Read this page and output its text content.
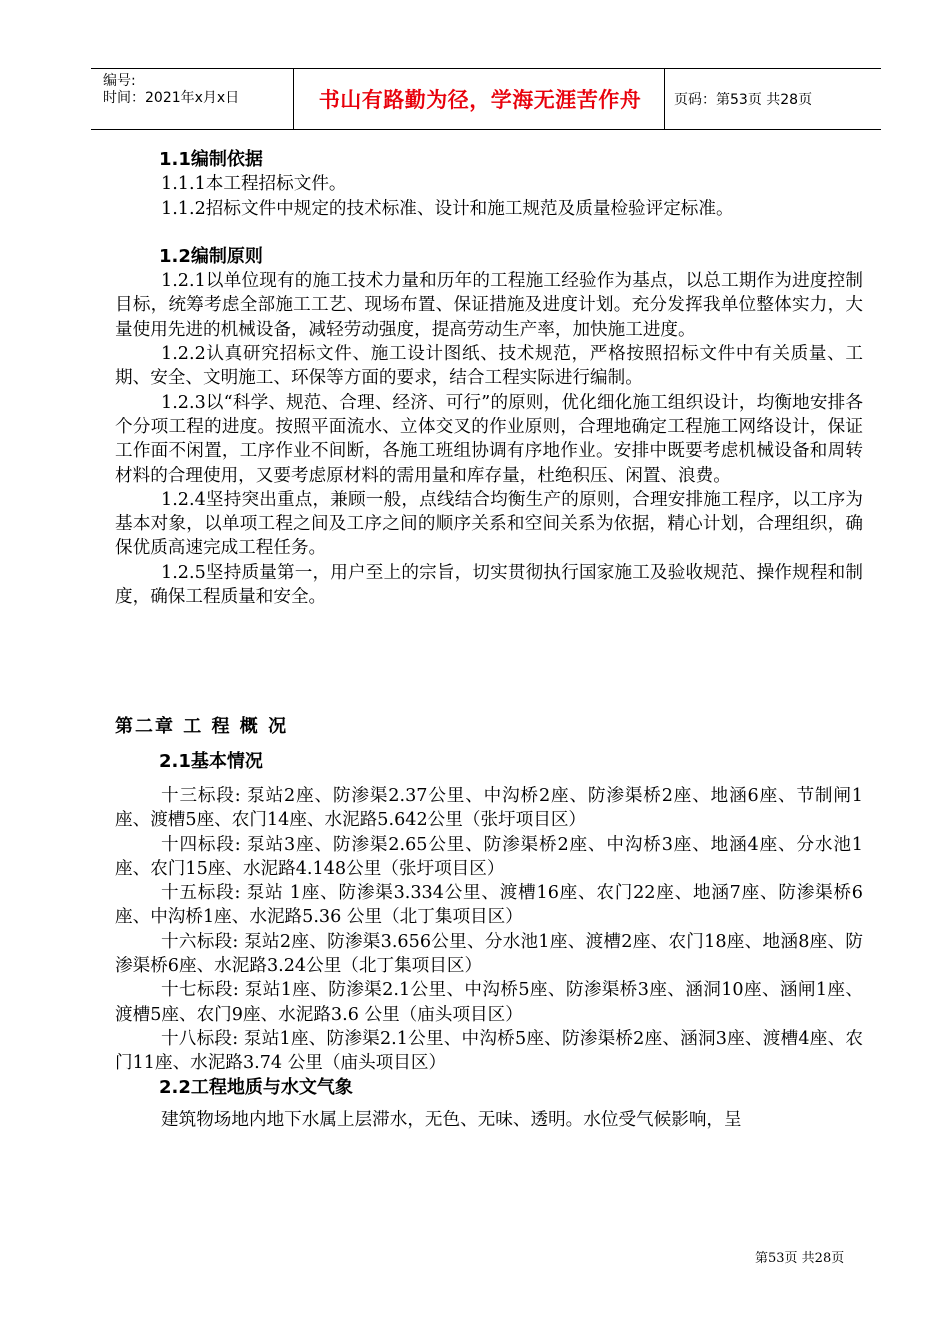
编号:
时间：2021年x月x日	书山有路勤为径，学海无涯苦作舟	页码：第53页 共28页

1.1编制依据

1.1.1本工程招标文件。

1.1.2招标文件中规定的技术标准、设计和施工规范及质量检验评定标准。

1.2编制原则

1.2.1以单位现有的施工技术力量和历年的工程施工经验作为基点，以总工期作为进度控制目标，统筹考虑全部施工工艺、现场布置、保证措施及进度计划。充分发挥我单位整体实力，大量使用先进的机械设备，减轻劳动强度，提高劳动生产率，加快施工进度。

1.2.2认真研究招标文件、施工设计图纸、技术规范，严格按照招标文件中有关质量、工期、安全、文明施工、环保等方面的要求，结合工程实际进行编制。

1.2.3以“科学、规范、合理、经济、可行”的原则，优化细化施工组织设计，均衡地安排各个分项工程的进度。按照平面流水、立体交叉的作业原则，合理地确定工程施工网络设计，保证工作面不闲置，工序作业不间断，各施工班组协调有序地作业。安排中既要考虑机械设备和周转材料的合理使用，又要考虑原材料的需用量和库存量，杜绝积压、闲置、浪费。

1.2.4坚持突出重点，兼顾一般，点线结合均衡生产的原则，合理安排施工程序，以工序为基本对象，以单项工程之间及工序之间的顺序关系和空间关系为依据，精心计划，合理组织，确保优质高速完成工程任务。

1.2.5坚持质量第一，用户至上的宗旨，切实贯彻执行国家施工及验收规范、操作规程和制度，确保工程质量和安全。

第二章 工 程 概 况

2.1基本情况

十三标段: 泵站2座、防渗渠2.37公里、中沟桥2座、防渗渠桥2座、地涵6座、节制闸1座、渡槽5座、农门14座、水泥路5.642公里（张圩项目区）

十四标段: 泵站3座、防渗渠2.65公里、防渗渠桥2座、中沟桥3座、地涵4座、分水池1座、农门15座、水泥路4.148公里（张圩项目区）

十五标段: 泵站 1座、防渗渠3.334公里、渡槽16座、农门22座、地涵7座、防渗渠桥6座、中沟桥1座、水泥路5.36 公里（北丁集项目区）

十六标段: 泵站2座、防渗渠3.656公里、分水池1座、渡槽2座、农门18座、地涵8座、防渗渠桥6座、水泥路3.24公里（北丁集项目区）

十七标段: 泵站1座、防渗渠2.1公里、中沟桥5座、防渗渠桥3座、涵洞10座、涵闸1座、渡槽5座、农门9座、水泥路3.6 公里（庙头项目区）

十八标段: 泵站1座、防渗渠2.1公里、中沟桥5座、防渗渠桥2座、涵洞3座、渡槽4座、农门11座、水泥路3.74 公里（庙头项目区）

2.2工程地质与水文气象

建筑物场地内地下水属上层滞水，无色、无味、透明。水位受气候影响，呈

第53页 共28页
